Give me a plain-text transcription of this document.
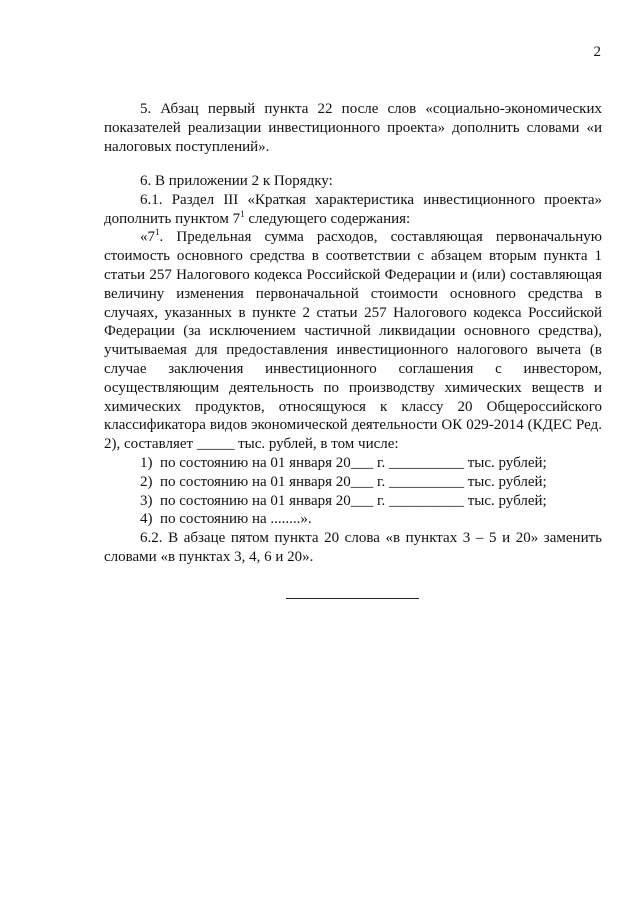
2

5. Абзац первый пункта 22 после слов «социально-экономических показателей реализации инвестиционного проекта» дополнить словами «и налоговых поступлений».

6. В приложении 2 к Порядку:

6.1. Раздел III «Краткая характеристика инвестиционного проекта» дополнить пунктом $7^1$ следующего содержания:

«$7^1$. Предельная сумма расходов, составляющая первоначальную стоимость основного средства в соответствии с абзацем вторым пункта 1 статьи 257 Налогового кодекса Российской Федерации и (или) составляющая величину изменения первоначальной стоимости основного средства в случаях, указанных в пункте 2 статьи 257 Налогового кодекса Российской Федерации (за исключением частичной ликвидации основного средства), учитываемая для предоставления инвестиционного налогового вычета (в случае заключения инвестиционного соглашения с инвестором, осуществляющим деятельность по производству химических веществ и химических продуктов, относящуюся к классу 20 Общероссийского классификатора видов экономической деятельности ОК 029-2014 (КДЕС Ред. 2), составляет _____ тыс. рублей, в том числе:

1) по состоянию на 01 января 20___ г. __________ тыс. рублей;

2) по состоянию на 01 января 20___ г. __________ тыс. рублей;

3) по состоянию на 01 января 20___ г. __________ тыс. рублей;

4) по состоянию на ........».

6.2. В абзаце пятом пункта 20 слова «в пунктах 3 – 5 и 20» заменить словами «в пунктах 3, 4, 6 и 20».
